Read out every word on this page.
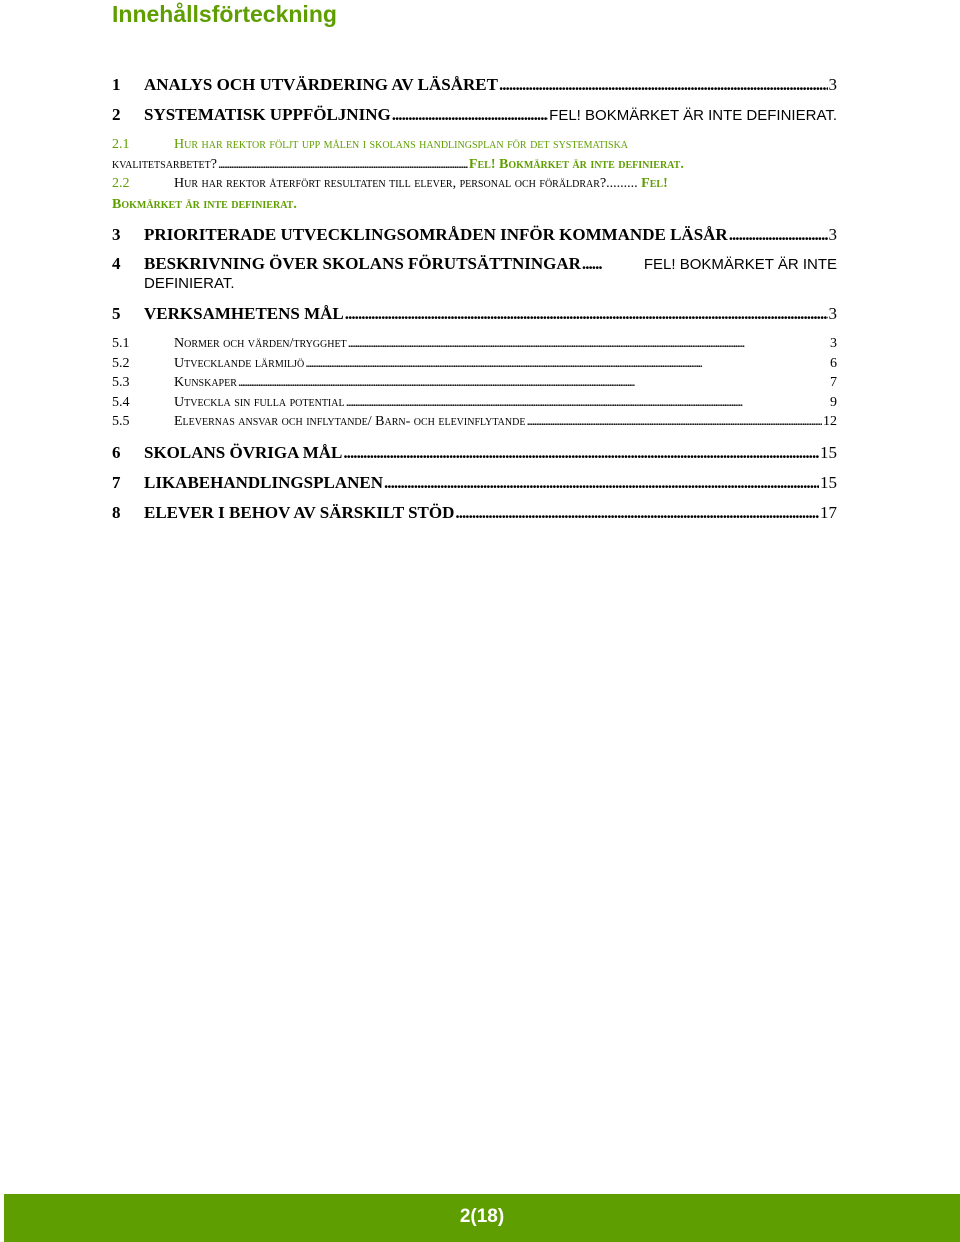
Innehållsförteckning
1	ANALYS OCH UTVÄRDERING AV LÄSÅRET . . .	3
2	SYSTEMATISK UPPFÖLJNING . . .	FEL! BOKMÄRKET ÄR INTE DEFINIERAT.
2.1	Hur har rektor följt upp målen i skolans handlingsplan för det systematiska
kvalitetsarbetet? . . .	Fel! Bokmärket är inte definierat.
2.2	Hur har rektor återfört resultaten till elever, personal och föräldrar?......... Fel!
Bokmärket är inte definierat.
3	PRIORITERADE UTVECKLINGSOMRÅDEN INFÖR KOMMANDE LÄSÅR . . .	3
4	BESKRIVNING ÖVER SKOLANS FÖRUTSÄTTNINGAR . . .	FEL! BOKMÄRKET ÄR INTE
DEFINIERAT.
5	VERKSAMHETENS MÅL . . .	3
5.1	Normer och värden/trygghet . . .	3
5.2	Utvecklande lärmiljö . . .	6
5.3	Kunskaper . . .	7
5.4	Utveckla sin fulla potential . . .	9
5.5	Elevernas ansvar och inflytande/ Barn- och elevinflytande . . .	12
6	SKOLANS ÖVRIGA MÅL . . .	15
7	LIKABEHANDLINGSPLANEN . . .	15
8	ELEVER I BEHOV AV SÄRSKILT STÖD . . .	17
2(18)
